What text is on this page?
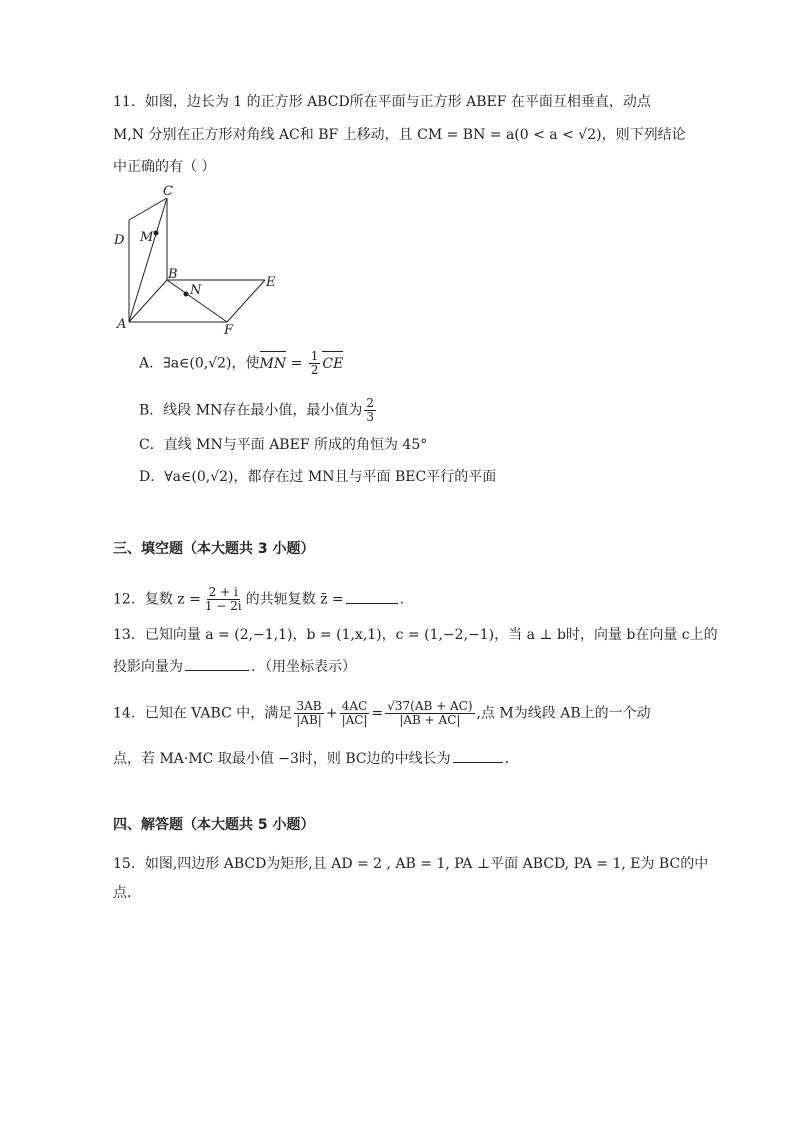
11．如图，边长为 1 的正方形 ABCD所在平面与正方形 ABEF 在平面互相垂直，动点
M,N 分别在正方形对角线 AC和 BF 上移动，且 CM = BN = a(0 < a < √2)，则下列结论
中正确的有（ ）
C
D M
B
N
E
A	F
A．∃a∈(0,√2)，使MN = $\frac{1}{2}$ CE
B．线段 MN存在最小值，最小值为 $\frac{2}{3}$
C．直线 MN与平面 ABEF 所成的角恒为 45°
D．∀a∈(0,√2)，都存在过 MN且与平面 BEC平行的平面
三、填空题（本大题共 3 小题）
12．复数 $z = \frac{2 + i}{1 - 2i}$ 的共轭复数 z̄ =	.
13．已知向量 a = (2,−1,1)，b = (1,x,1)，c = (1,−2,−1)，当 a ⊥ b时，向量 b在向量 c上的
投影向量为	．（用坐标表示）
14．已知在 VABC 中，满足 $\frac{3AB}{|AB|} + \frac{4AC}{|AC|} = \frac{√37(AB + AC)}{|AB + AC|}$ ,点 M为线段 AB上的一个动
点，若 MA·MC 取最小值 −3时，则 BC边的中线长为	.
四、解答题（本大题共 5 小题）
15．如图,四边形 ABCD为矩形,且 AD = 2 , AB = 1, PA ⊥平面 ABCD, PA = 1, E为 BC的中
点．
